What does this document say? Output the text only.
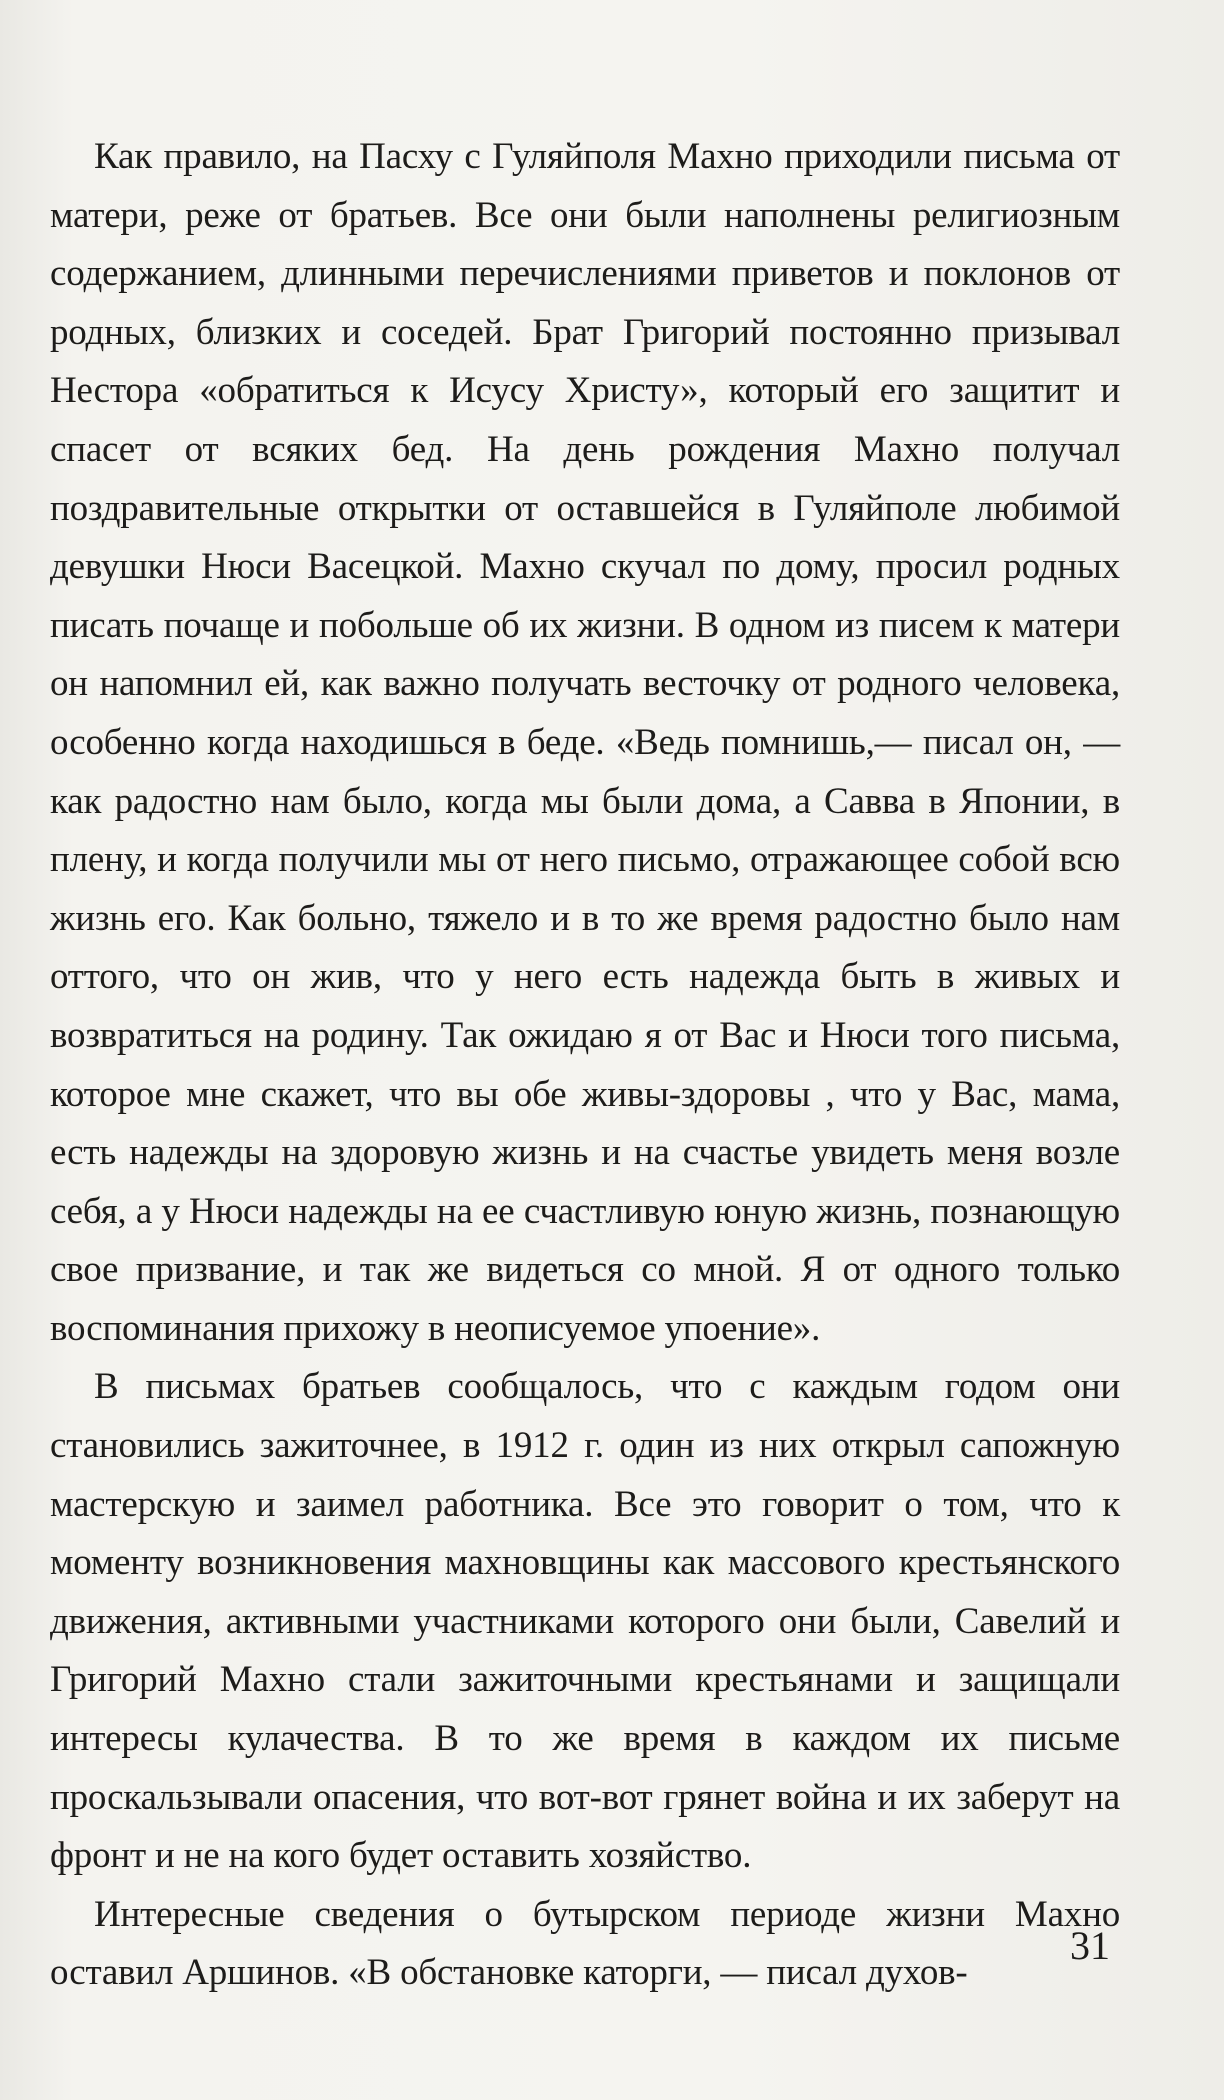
Как правило, на Пасху с Гуляйполя Махно приходили письма от матери, реже от братьев. Все они были наполнены религиозным содержанием, длинными перечислениями приветов и поклонов от родных, близких и соседей. Брат Григорий постоянно призывал Нестора «обратиться к Исусу Христу», который его защитит и спасет от всяких бед. На день рождения Махно получал поздравительные открытки от оставшейся в Гуляйполе любимой девушки Нюси Васецкой. Махно скучал по дому, просил родных писать почаще и побольше об их жизни. В одном из писем к матери он напомнил ей, как важно получать весточку от родного человека, особенно когда находишься в беде. «Ведь помнишь,— писал он, — как радостно нам было, когда мы были дома, а Савва в Японии, в плену, и когда получили мы от него письмо, отражающее собой всю жизнь его. Как больно, тяжело и в то же время радостно было нам оттого, что он жив, что у него есть надежда быть в живых и возвратиться на родину. Так ожидаю я от Вас и Нюси того письма, которое мне скажет, что вы обе живы-здоровы , что у Вас, мама, есть надежды на здоровую жизнь и на счастье увидеть меня возле себя, а у Нюси надежды на ее счастливую юную жизнь, познающую свое призвание, и так же видеться со мной. Я от одного только воспоминания прихожу в неописуемое упоение».

В письмах братьев сообщалось, что с каждым годом они становились зажиточнее, в 1912 г. один из них открыл сапожную мастерскую и заимел работника. Все это говорит о том, что к моменту возникновения махновщины как массового крестьянского движения, активными участниками которого они были, Савелий и Григорий Махно стали зажиточными крестьянами и защищали интересы кулачества. В то же время в каждом их письме проскальзывали опасения, что вот-вот грянет война и их заберут на фронт и не на кого будет оставить хозяйство.

Интересные сведения о бутырском периоде жизни Махно оставил Аршинов. «В обстановке каторги, — писал духов-

31
